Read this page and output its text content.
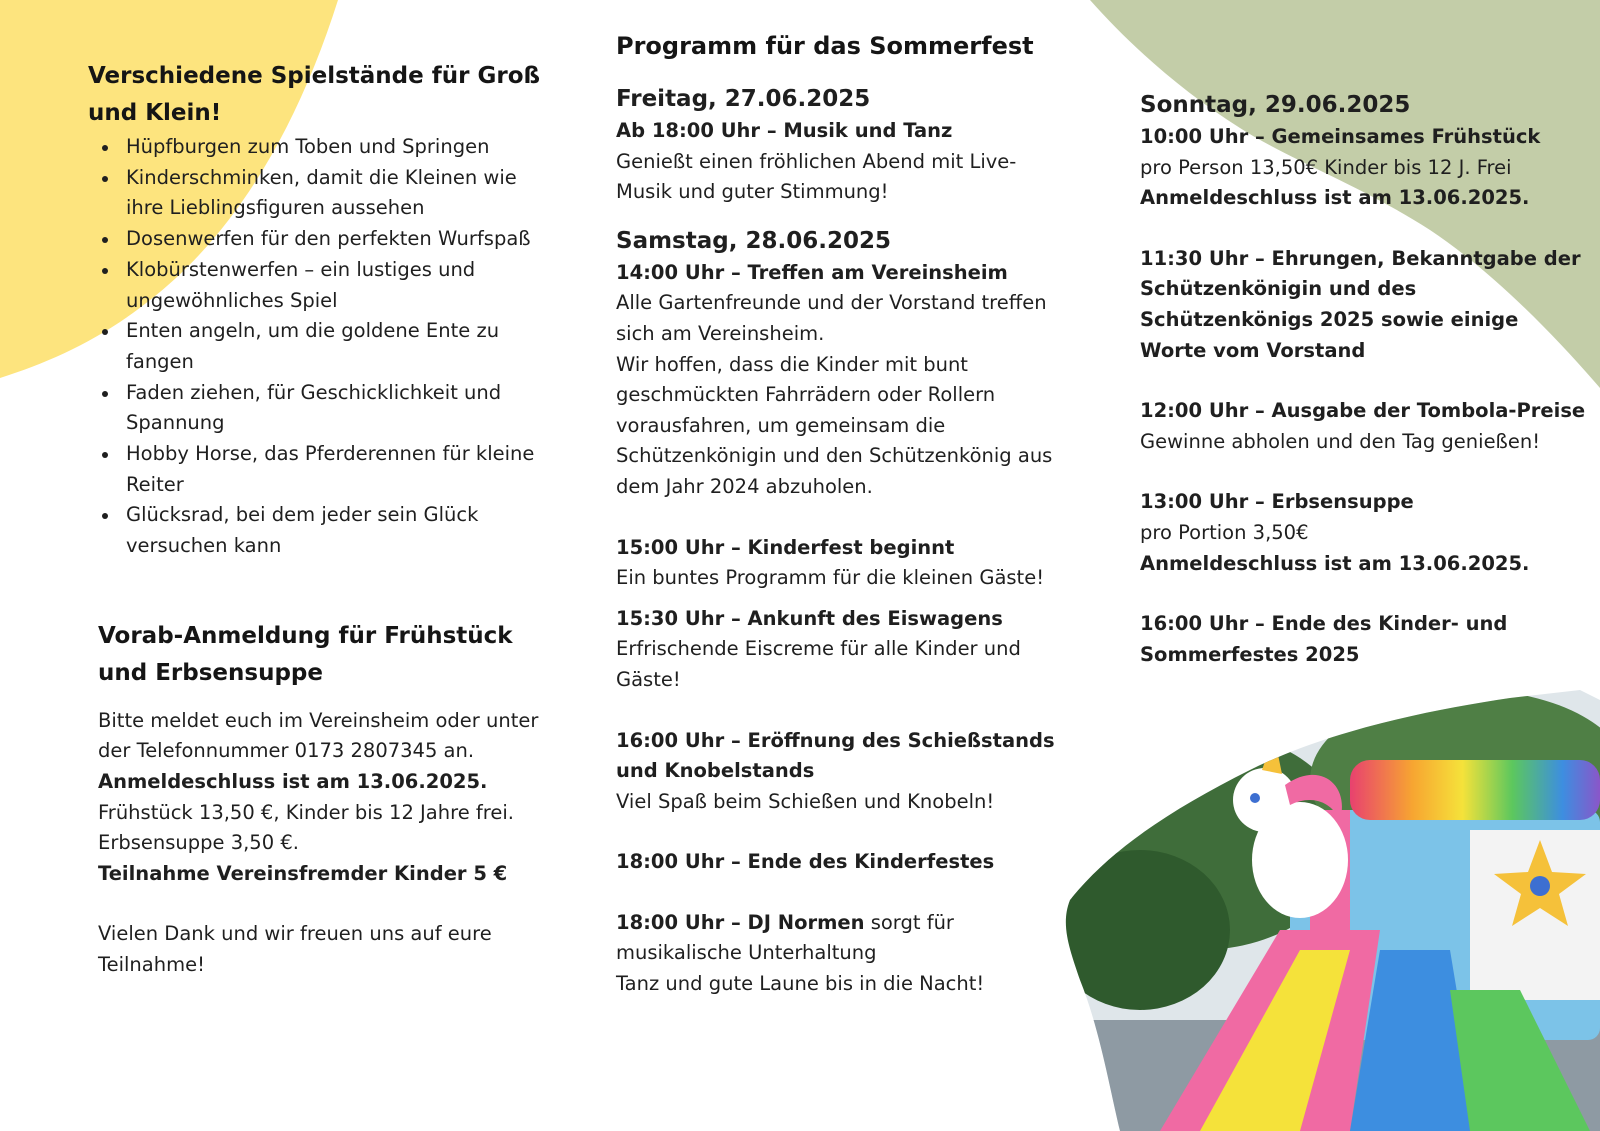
Verschiedene Spielstände für Groß und Klein!
Hüpfburgen zum Toben und Springen
Kinderschminken, damit die Kleinen wie ihre Lieblingsfiguren aussehen
Dosenwerfen für den perfekten Wurfspaß
Klobürstenwerfen – ein lustiges und ungewöhnliches Spiel
Enten angeln, um die goldene Ente zu fangen
Faden ziehen, für Geschicklichkeit und Spannung
Hobby Horse, das Pferderennen für kleine Reiter
Glücksrad, bei dem jeder sein Glück versuchen kann
Vorab-Anmeldung für Frühstück und Erbsensuppe

Bitte meldet euch im Vereinsheim oder unter der Telefonnummer 0173 2807345 an.

Anmeldeschluss ist am 13.06.2025.

Frühstück 13,50 €, Kinder bis 12 Jahre frei.

Erbsensuppe 3,50 €.

Teilnahme Vereinsfremder Kinder 5 €

Vielen Dank und wir freuen uns auf eure Teilnahme!

Programm für das Sommerfest

Freitag, 27.06.2025

Ab 18:00 Uhr – Musik und Tanz

Genießt einen fröhlichen Abend mit Live-Musik und guter Stimmung!

Samstag, 28.06.2025

14:00 Uhr – Treffen am Vereinsheim

Alle Gartenfreunde und der Vorstand treffen sich am Vereinsheim.

Wir hoffen, dass die Kinder mit bunt geschmückten Fahrrädern oder Rollern vorausfahren, um gemeinsam die Schützenkönigin und den Schützenkönig aus dem Jahr 2024 abzuholen.

15:00 Uhr – Kinderfest beginnt

Ein buntes Programm für die kleinen Gäste!

15:30 Uhr – Ankunft des Eiswagens

Erfrischende Eiscreme für alle Kinder und Gäste!

16:00 Uhr – Eröffnung des Schießstands und Knobelstands

Viel Spaß beim Schießen und Knobeln!

18:00 Uhr – Ende des Kinderfestes

18:00 Uhr – DJ Normen sorgt für musikalische Unterhaltung

Tanz und gute Laune bis in die Nacht!

Sonntag, 29.06.2025

10:00 Uhr – Gemeinsames Frühstück

pro Person 13,50€ Kinder bis 12 J. Frei

Anmeldeschluss ist am 13.06.2025.

11:30 Uhr – Ehrungen, Bekanntgabe der Schützenkönigin und des Schützenkönigs 2025 sowie einige Worte vom Vorstand

12:00 Uhr – Ausgabe der Tombola-Preise

Gewinne abholen und den Tag genießen!

13:00 Uhr – Erbsensuppe

pro Portion 3,50€

Anmeldeschluss ist am 13.06.2025.

16:00 Uhr – Ende des Kinder- und Sommerfestes 2025
